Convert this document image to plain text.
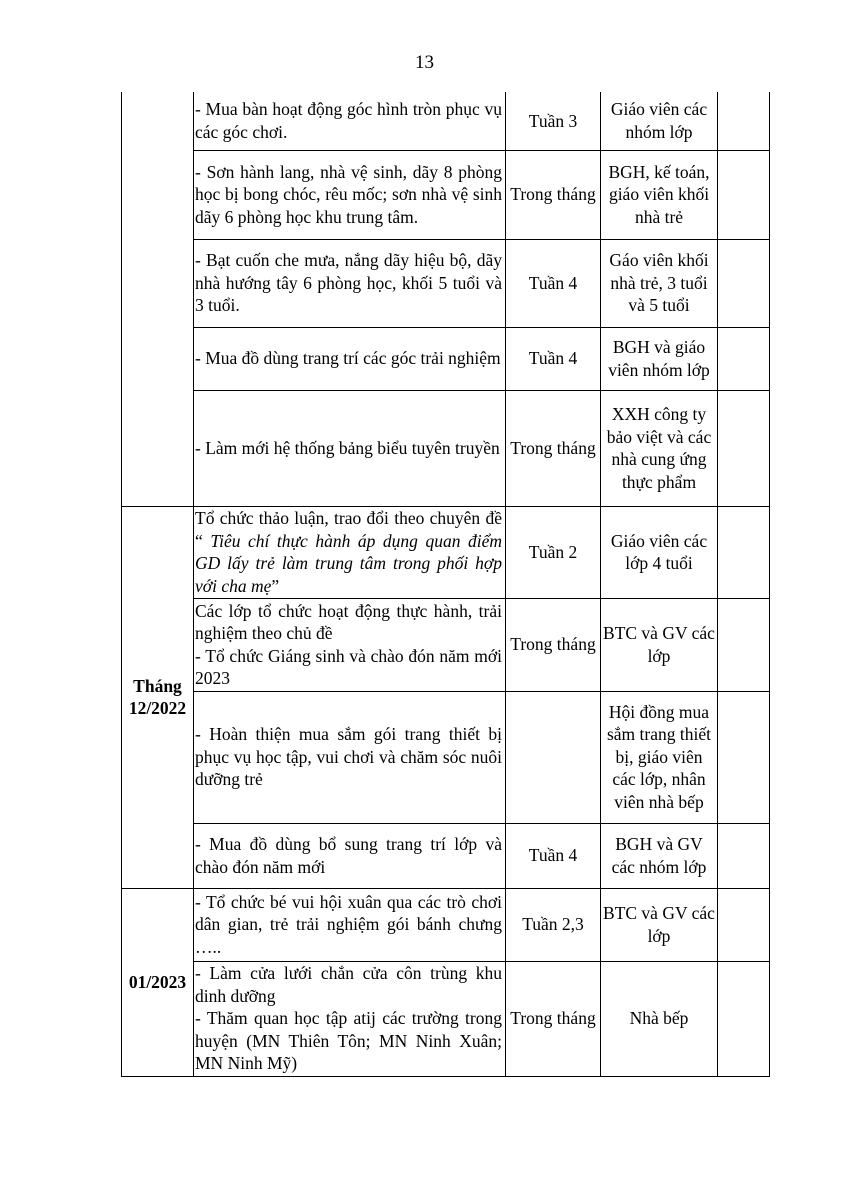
13

	- Mua bàn hoạt động góc hình tròn phục vụ các góc chơi.	Tuần 3	Giáo viên các nhóm lớp	

	- Sơn hành lang, nhà vệ sinh, dãy 8 phòng học bị bong chóc, rêu mốc; sơn nhà vệ sinh dãy 6 phòng học khu trung tâm.	Trong tháng	BGH, kế toán, giáo viên khối nhà trẻ	

	- Bạt cuốn che mưa, nắng dãy hiệu bộ, dãy nhà hướng tây 6 phòng học, khối 5 tuổi và 3 tuổi.	Tuần 4	Gáo viên khối nhà trẻ, 3 tuổi và 5 tuổi	

	- Mua đồ dùng trang trí các góc trải nghiệm	Tuần 4	BGH và giáo viên nhóm lớp	

	- Làm mới hệ thống bảng biểu tuyên truyền	Trong tháng	XXH công ty bảo việt và các nhà cung ứng thực phẩm	
Tháng 12/2022	Tổ chức thảo luận, trao đổi theo chuyên đề “ Tiêu chí thực hành áp dụng quan điểm GD lấy trẻ làm trung tâm trong phối hợp với cha mẹ”	Tuần 2	Giáo viên các lớp 4 tuổi	

	Các lớp tổ chức hoạt động thực hành, trải nghiệm theo chủ đề
- Tổ chức Giáng sinh và chào đón năm mới 2023	Trong tháng	BTC và GV các lớp	

	- Hoàn thiện mua sắm gói trang thiết bị phục vụ học tập, vui chơi và chăm sóc nuôi dưỡng trẻ		Hội đồng mua sắm trang thiết bị, giáo viên các lớp, nhân viên nhà bếp	

	- Mua đồ dùng bổ sung trang trí lớp và chào đón năm mới	Tuần 4	BGH và GV các nhóm lớp	
01/2023	- Tổ chức bé vui hội xuân qua các trò chơi dân gian, trẻ trải nghiệm gói bánh chưng …..	Tuần 2,3	BTC và GV các lớp	

	- Làm cửa lưới chắn cửa côn trùng khu dinh dưỡng
- Thăm quan học tập atij các trường trong huyện (MN Thiên Tôn; MN Ninh Xuân; MN Ninh Mỹ)	Trong tháng	Nhà bếp	
